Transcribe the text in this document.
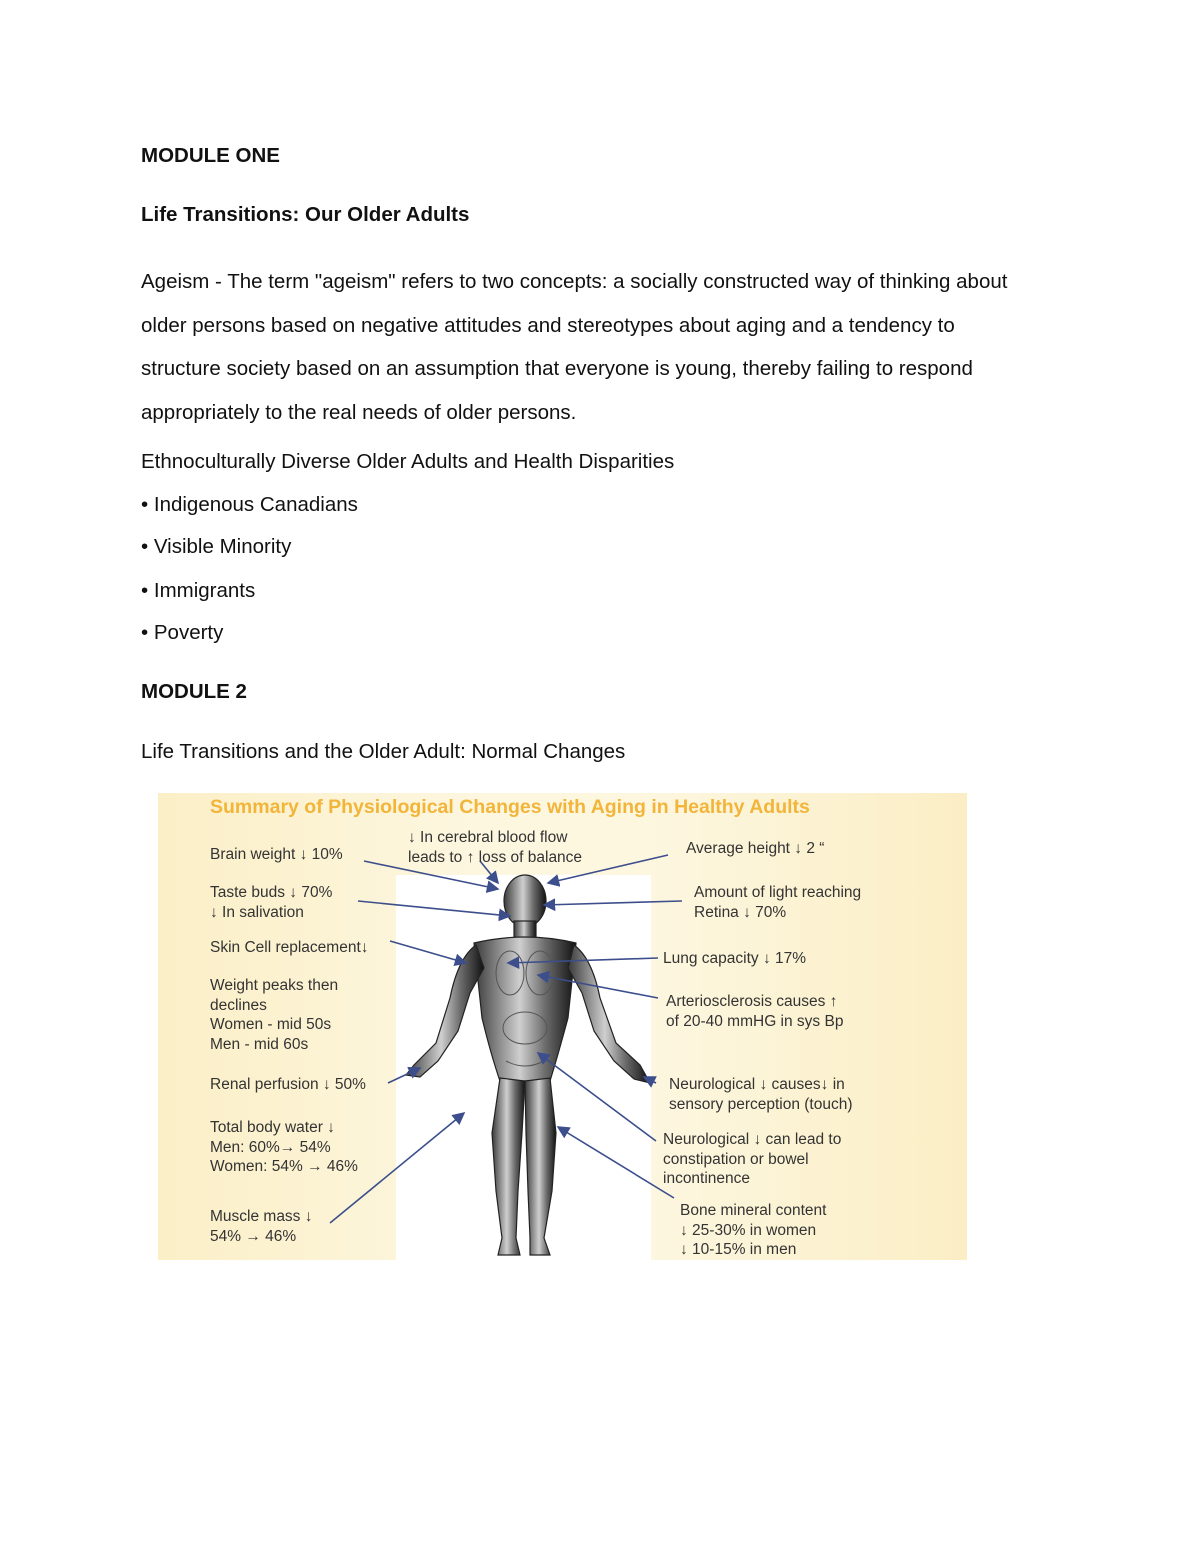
MODULE ONE
Life Transitions: Our Older Adults
Ageism - The term "ageism" refers to two concepts: a socially constructed way of thinking about
older persons based on negative attitudes and stereotypes about aging and a tendency to
structure society based on an assumption that everyone is young, thereby failing to respond
appropriately to the real needs of older persons.
Ethnoculturally Diverse Older Adults and Health Disparities
• Indigenous Canadians
• Visible Minority
• Immigrants
• Poverty
MODULE 2
Life Transitions and the Older Adult: Normal Changes
Summary of Physiological Changes with Aging in Healthy Adults
Brain weight ↓ 10%
Taste buds ↓ 70%
↓ In salivation
Skin Cell replacement↓
Weight peaks then
declines
Women - mid 50s
Men - mid 60s
Renal perfusion ↓ 50%
Total body water ↓
Men: 60%→ 54%
Women: 54% → 46%
Muscle mass ↓
54% → 46%
↓ In cerebral blood flow
leads to ↑ loss of balance
Average height ↓ 2 “
Amount of light reaching
Retina ↓ 70%
Lung capacity ↓ 17%
Arteriosclerosis causes ↑
of 20-40 mmHG in sys Bp
Neurological ↓ causes↓ in
sensory perception (touch)
Neurological ↓ can lead to
constipation or bowel
incontinence
Bone mineral content
↓ 25-30% in women
↓ 10-15% in men
